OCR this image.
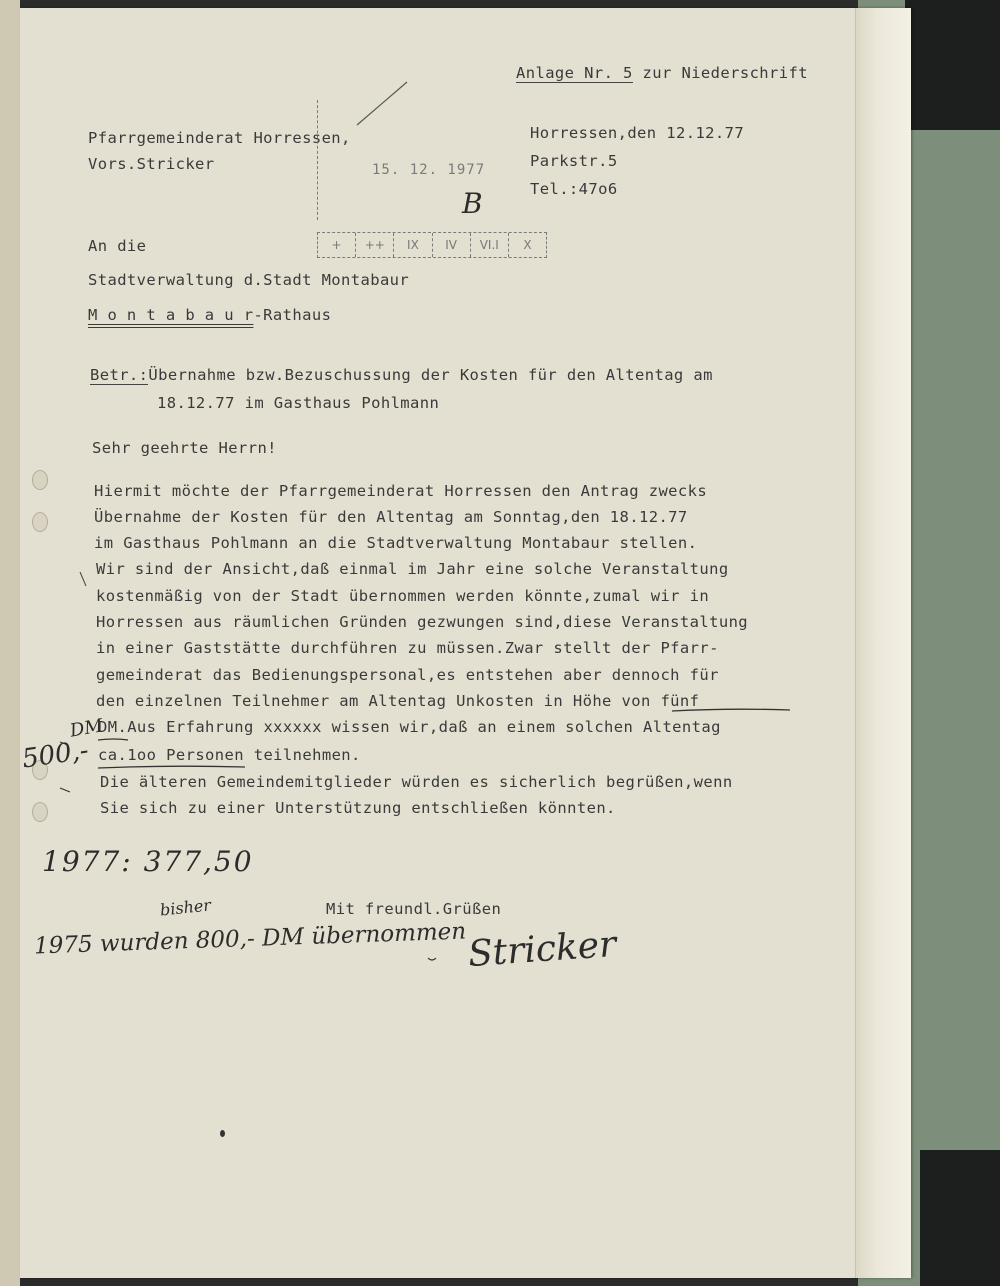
Anlage Nr. 5 zur Niederschrift
Pfarrgemeinderat Horressen,
Vors.Stricker
Horressen,den 12.12.77
Parkstr.5
Tel.:47o6
15. 12. 1977
B
+	++	IX	IV	VI.I	X
An die
Stadtverwaltung d.Stadt Montabaur
M o n t a b a u r-Rathaus
Betr.:Übernahme bzw.Bezuschussung der Kosten für den Altentag am
18.12.77 im Gasthaus Pohlmann
Sehr geehrte Herrn!
Hiermit möchte der Pfarrgemeinderat Horressen den Antrag zwecks
Übernahme der Kosten für den Altentag am Sonntag,den 18.12.77
im Gasthaus Pohlmann an die Stadtverwaltung Montabaur stellen.
Wir sind der Ansicht,daß einmal im Jahr eine solche Veranstaltung
kostenmäßig von der Stadt übernommen werden könnte,zumal wir in
Horressen aus räumlichen Gründen gezwungen sind,diese Veranstaltung
in einer Gaststätte durchführen zu müssen.Zwar stellt der Pfarr-
gemeinderat das Bedienungspersonal,es entstehen aber dennoch für
den einzelnen Teilnehmer am Altentag Unkosten in Höhe von fünf
DM.Aus Erfahrung xxxxxx wissen wir,daß an einem solchen Altentag
ca.1oo Personen teilnehmen.
Die älteren Gemeindemitglieder würden es sicherlich begrüßen,wenn
Sie sich zu einer Unterstützung entschließen könnten.
500,-
DM
1977: 377,50
bisher
1975 wurden 800,- DM übernommen
Mit freundl.Grüßen
Stricker
